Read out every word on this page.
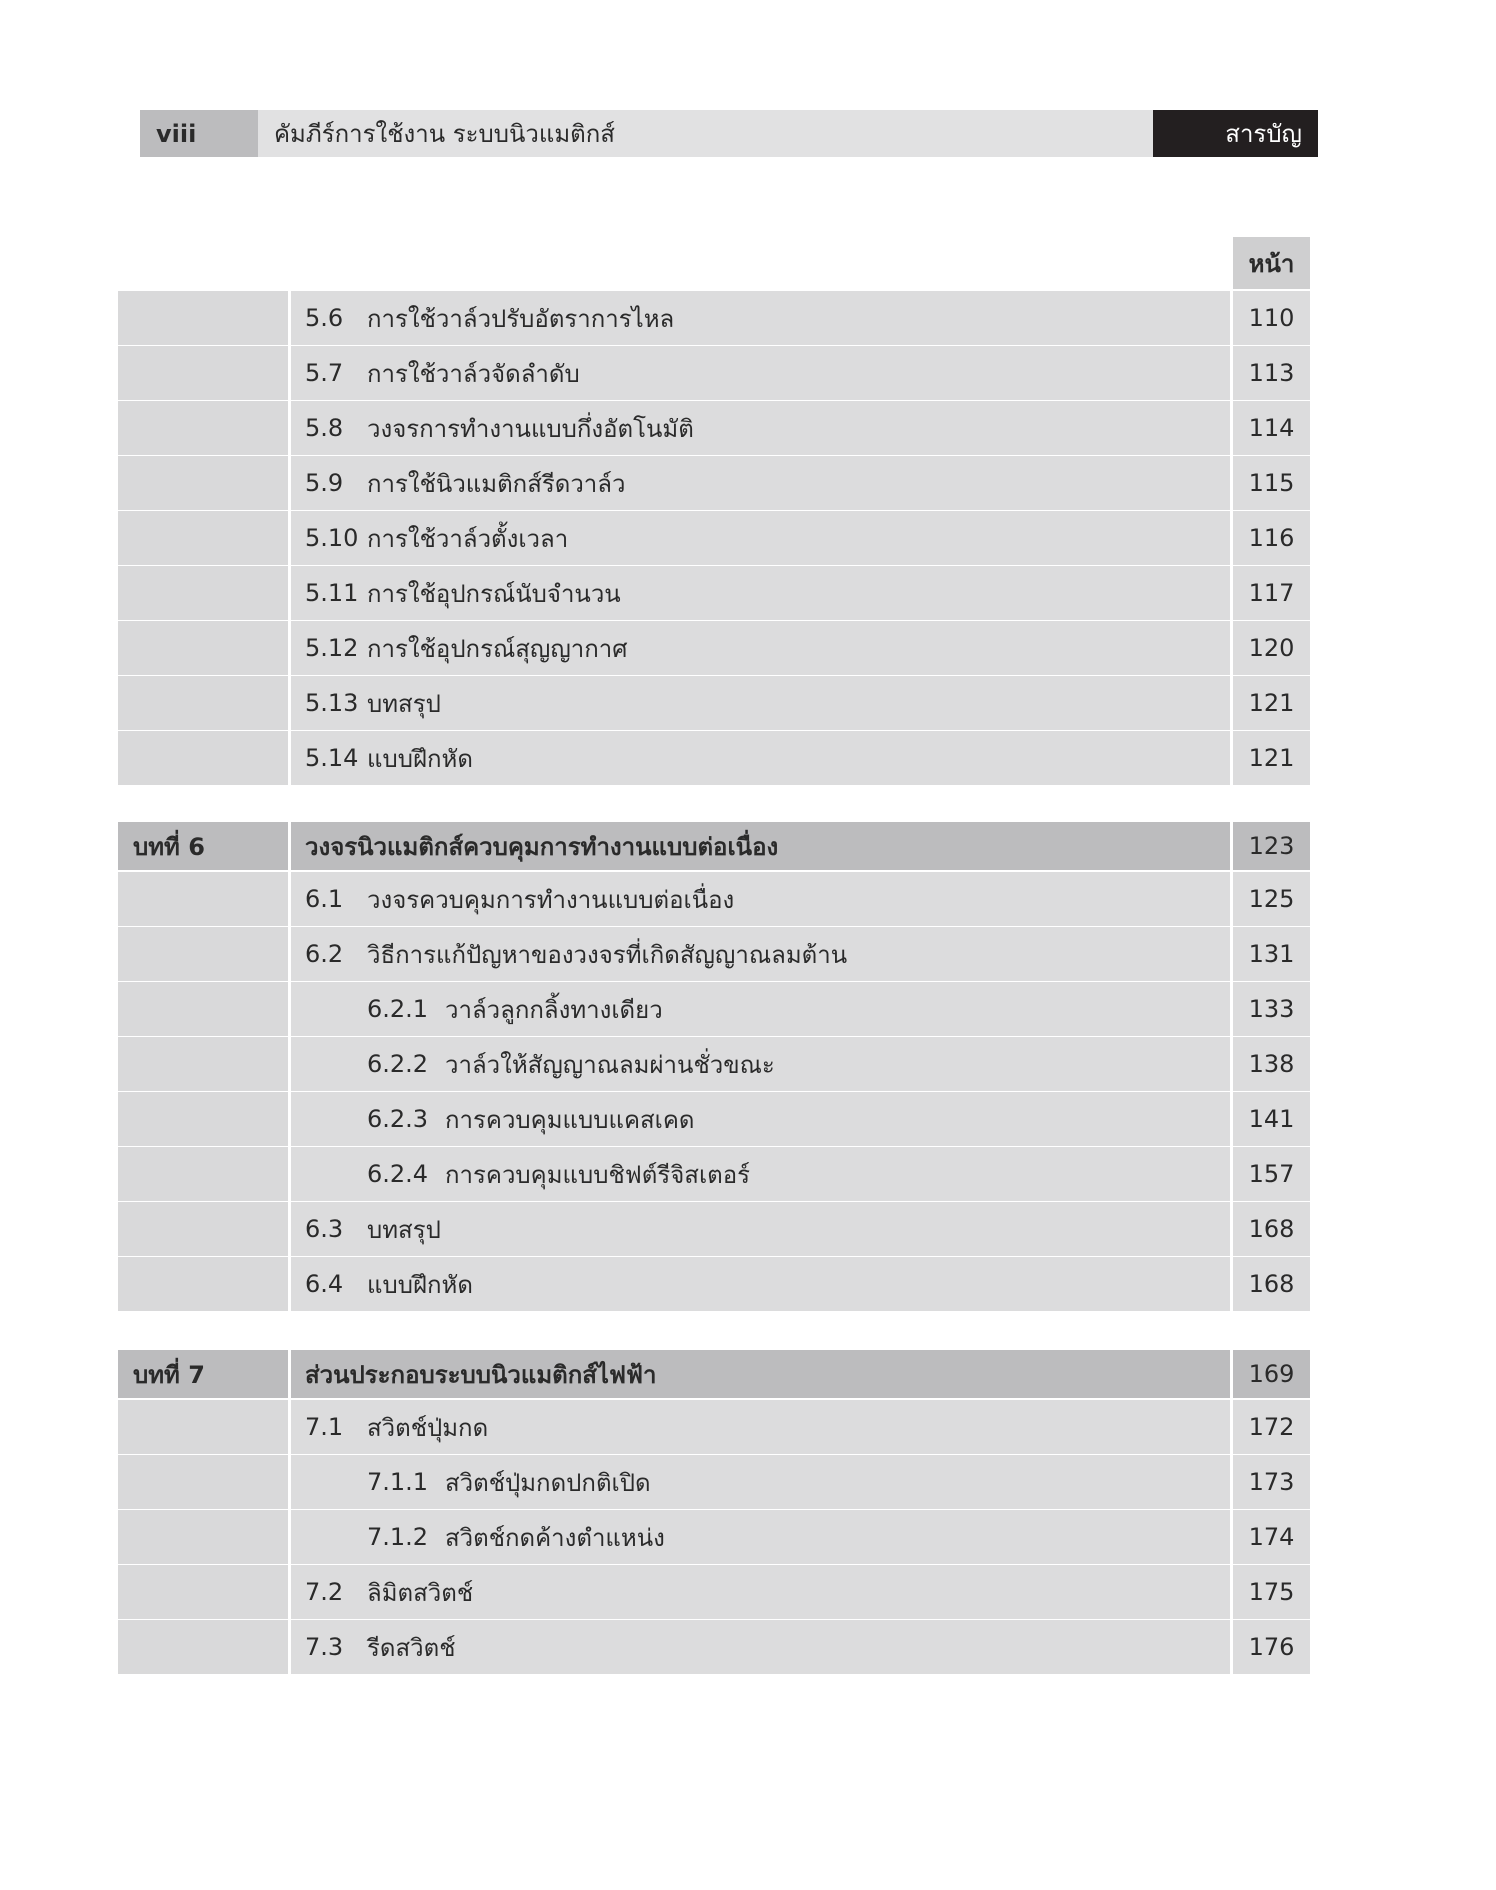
viii	คัมภีร์การใช้งาน ระบบนิวแมติกส์	สารบัญ
หน้า
5.6 การใช้วาล์วปรับอัตราการไหล	110
5.7 การใช้วาล์วจัดลำดับ	113
5.8 วงจรการทำงานแบบกึ่งอัตโนมัติ	114
5.9 การใช้นิวแมติกส์รีดวาล์ว	115
5.10 การใช้วาล์วตั้งเวลา	116
5.11 การใช้อุปกรณ์นับจำนวน	117
5.12 การใช้อุปกรณ์สุญญากาศ	120
5.13 บทสรุป	121
5.14 แบบฝึกหัด	121
บทที่ 6	วงจรนิวแมติกส์ควบคุมการทำงานแบบต่อเนื่อง	123
6.1 วงจรควบคุมการทำงานแบบต่อเนื่อง	125
6.2 วิธีการแก้ปัญหาของวงจรที่เกิดสัญญาณลมต้าน	131
6.2.1 วาล์วลูกกลิ้งทางเดียว	133
6.2.2 วาล์วให้สัญญาณลมผ่านชั่วขณะ	138
6.2.3 การควบคุมแบบแคสเคด	141
6.2.4 การควบคุมแบบชิฟต์รีจิสเตอร์	157
6.3 บทสรุป	168
6.4 แบบฝึกหัด	168
บทที่ 7	ส่วนประกอบระบบนิวแมติกส์ไฟฟ้า	169
7.1 สวิตช์ปุ่มกด	172
7.1.1 สวิตช์ปุ่มกดปกติเปิด	173
7.1.2 สวิตช์กดค้างตำแหน่ง	174
7.2 ลิมิตสวิตช์	175
7.3 รีดสวิตช์	176
